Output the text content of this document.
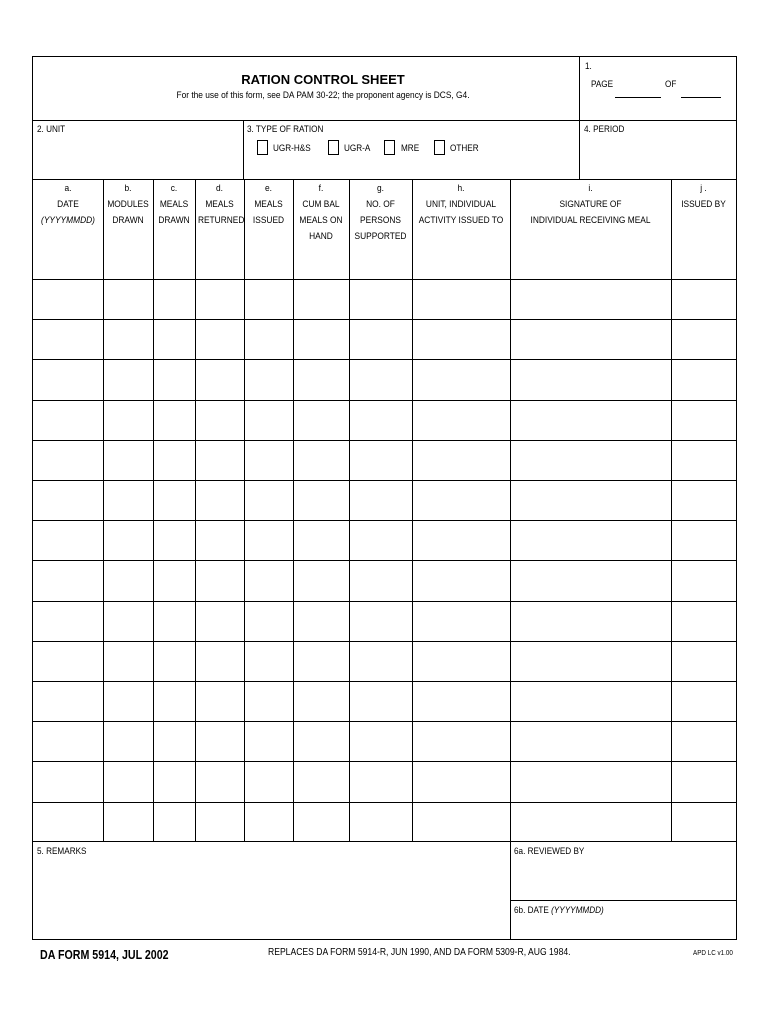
RATION CONTROL SHEET
For the use of this form, see DA PAM 30-22; the proponent agency is DCS, G4.
1.
PAGE	OF
2. UNIT	3. TYPE OF RATION
UGR-H&S	UGR-A	MRE	OTHER
4. PERIOD
a.
DATE
(YYYYMMDD)
b.
MODULES
DRAWN
c.
MEALS
DRAWN
d.
MEALS
RETURNED
e.
MEALS
ISSUED
f.
CUM BAL
MEALS ON
HAND
g.
NO. OF
PERSONS
SUPPORTED
h.
UNIT, INDIVIDUAL
ACTIVITY ISSUED TO
i.
SIGNATURE OF
INDIVIDUAL RECEIVING MEAL
j .
ISSUED BY
5. REMARKS	6a. REVIEWED BY
6b. DATE (YYYYMMDD)
DA FORM 5914, JUL 2002	REPLACES DA FORM 5914-R, JUN 1990, AND DA FORM 5309-R, AUG 1984.	APD LC v1.00
